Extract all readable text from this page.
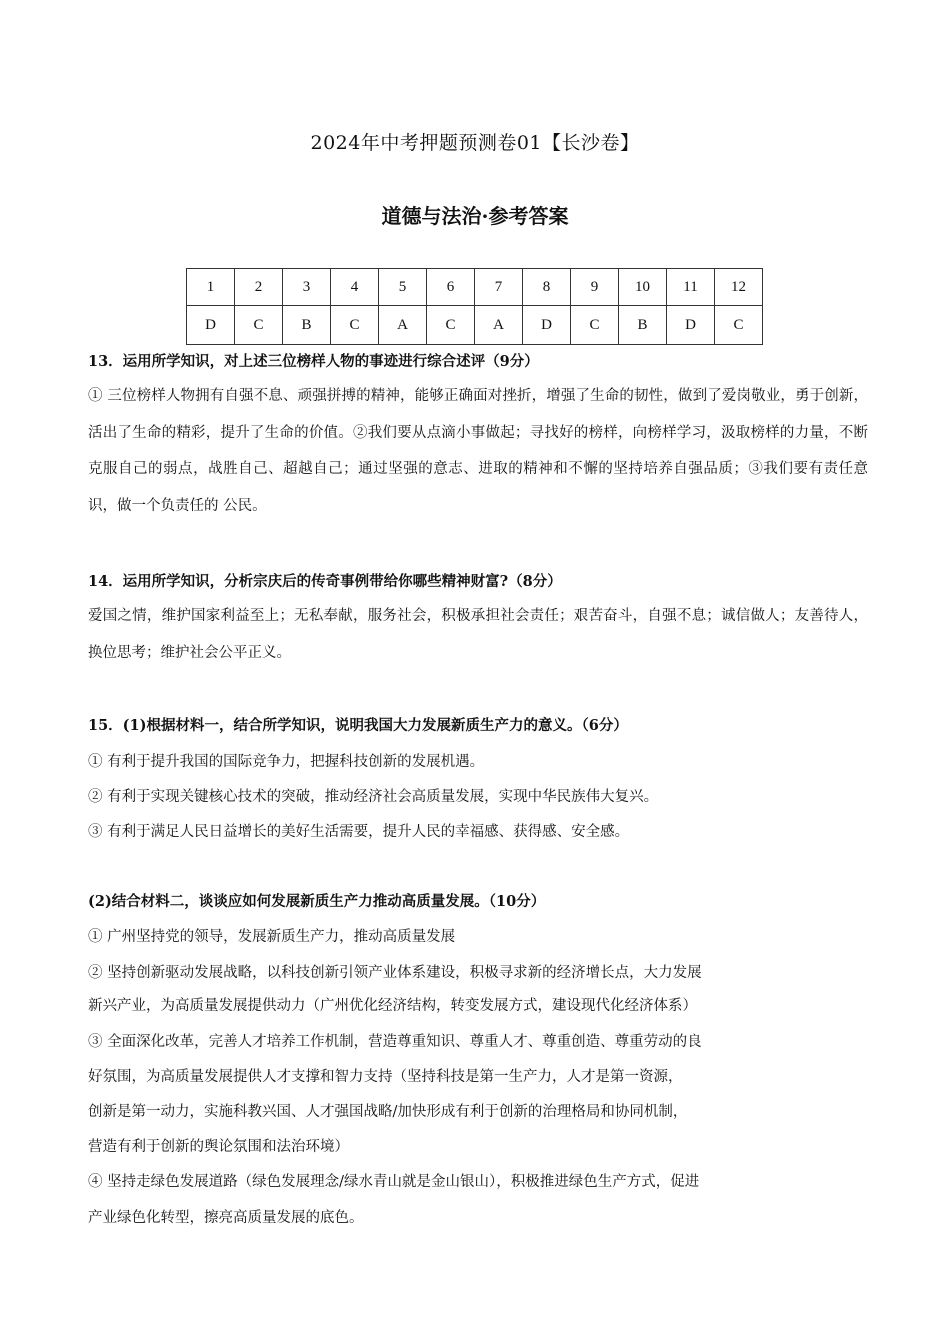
2024年中考押题预测卷01【长沙卷】
道德与法治·参考答案
1	2	3	4	5	6	7	8	9	10	11	12
D	C	B	C	A	C	A	D	C	B	D	C
13．运用所学知识，对上述三位榜样人物的事迹进行综合述评（9分）
① 三位榜样人物拥有自强不息、顽强拼搏的精神，能够正确面对挫折，增强了生命的韧性，做到了爱岗敬业，勇于创新，活出了生命的精彩，提升了生命的价值。②我们要从点滴小事做起；寻找好的榜样，向榜样学习，汲取榜样的力量，不断克服自己的弱点，战胜自己、超越自己；通过坚强的意志、进取的精神和不懈的坚持培养自强品质；③我们要有责任意识，做一个负责任的 公民。
14．运用所学知识，分析宗庆后的传奇事例带给你哪些精神财富?（8分）
爱国之情，维护国家利益至上；无私奉献，服务社会，积极承担社会责任；艰苦奋斗，自强不息；诚信做人；友善待人，换位思考；维护社会公平正义。
15．(1)根据材料一，结合所学知识，说明我国大力发展新质生产力的意义。（6分）
① 有利于提升我国的国际竞争力，把握科技创新的发展机遇。
② 有利于实现关键核心技术的突破，推动经济社会高质量发展，实现中华民族伟大复兴。
③ 有利于满足人民日益增长的美好生活需要，提升人民的幸福感、获得感、安全感。
(2)结合材料二，谈谈应如何发展新质生产力推动高质量发展。（10分）
① 广州坚持党的领导，发展新质生产力，推动高质量发展
② 坚持创新驱动发展战略，以科技创新引领产业体系建设，积极寻求新的经济增长点，大力发展
新兴产业，为高质量发展提供动力（广州优化经济结构，转变发展方式，建设现代化经济体系）
③ 全面深化改革，完善人才培养工作机制，营造尊重知识、尊重人才、尊重创造、尊重劳动的良
好氛围，为高质量发展提供人才支撑和智力支持（坚持科技是第一生产力，人才是第一资源，
创新是第一动力，实施科教兴国、人才强国战略/加快形成有利于创新的治理格局和协同机制，
营造有利于创新的舆论氛围和法治环境）
④ 坚持走绿色发展道路（绿色发展理念/绿水青山就是金山银山），积极推进绿色生产方式，促进
产业绿色化转型，擦亮高质量发展的底色。
